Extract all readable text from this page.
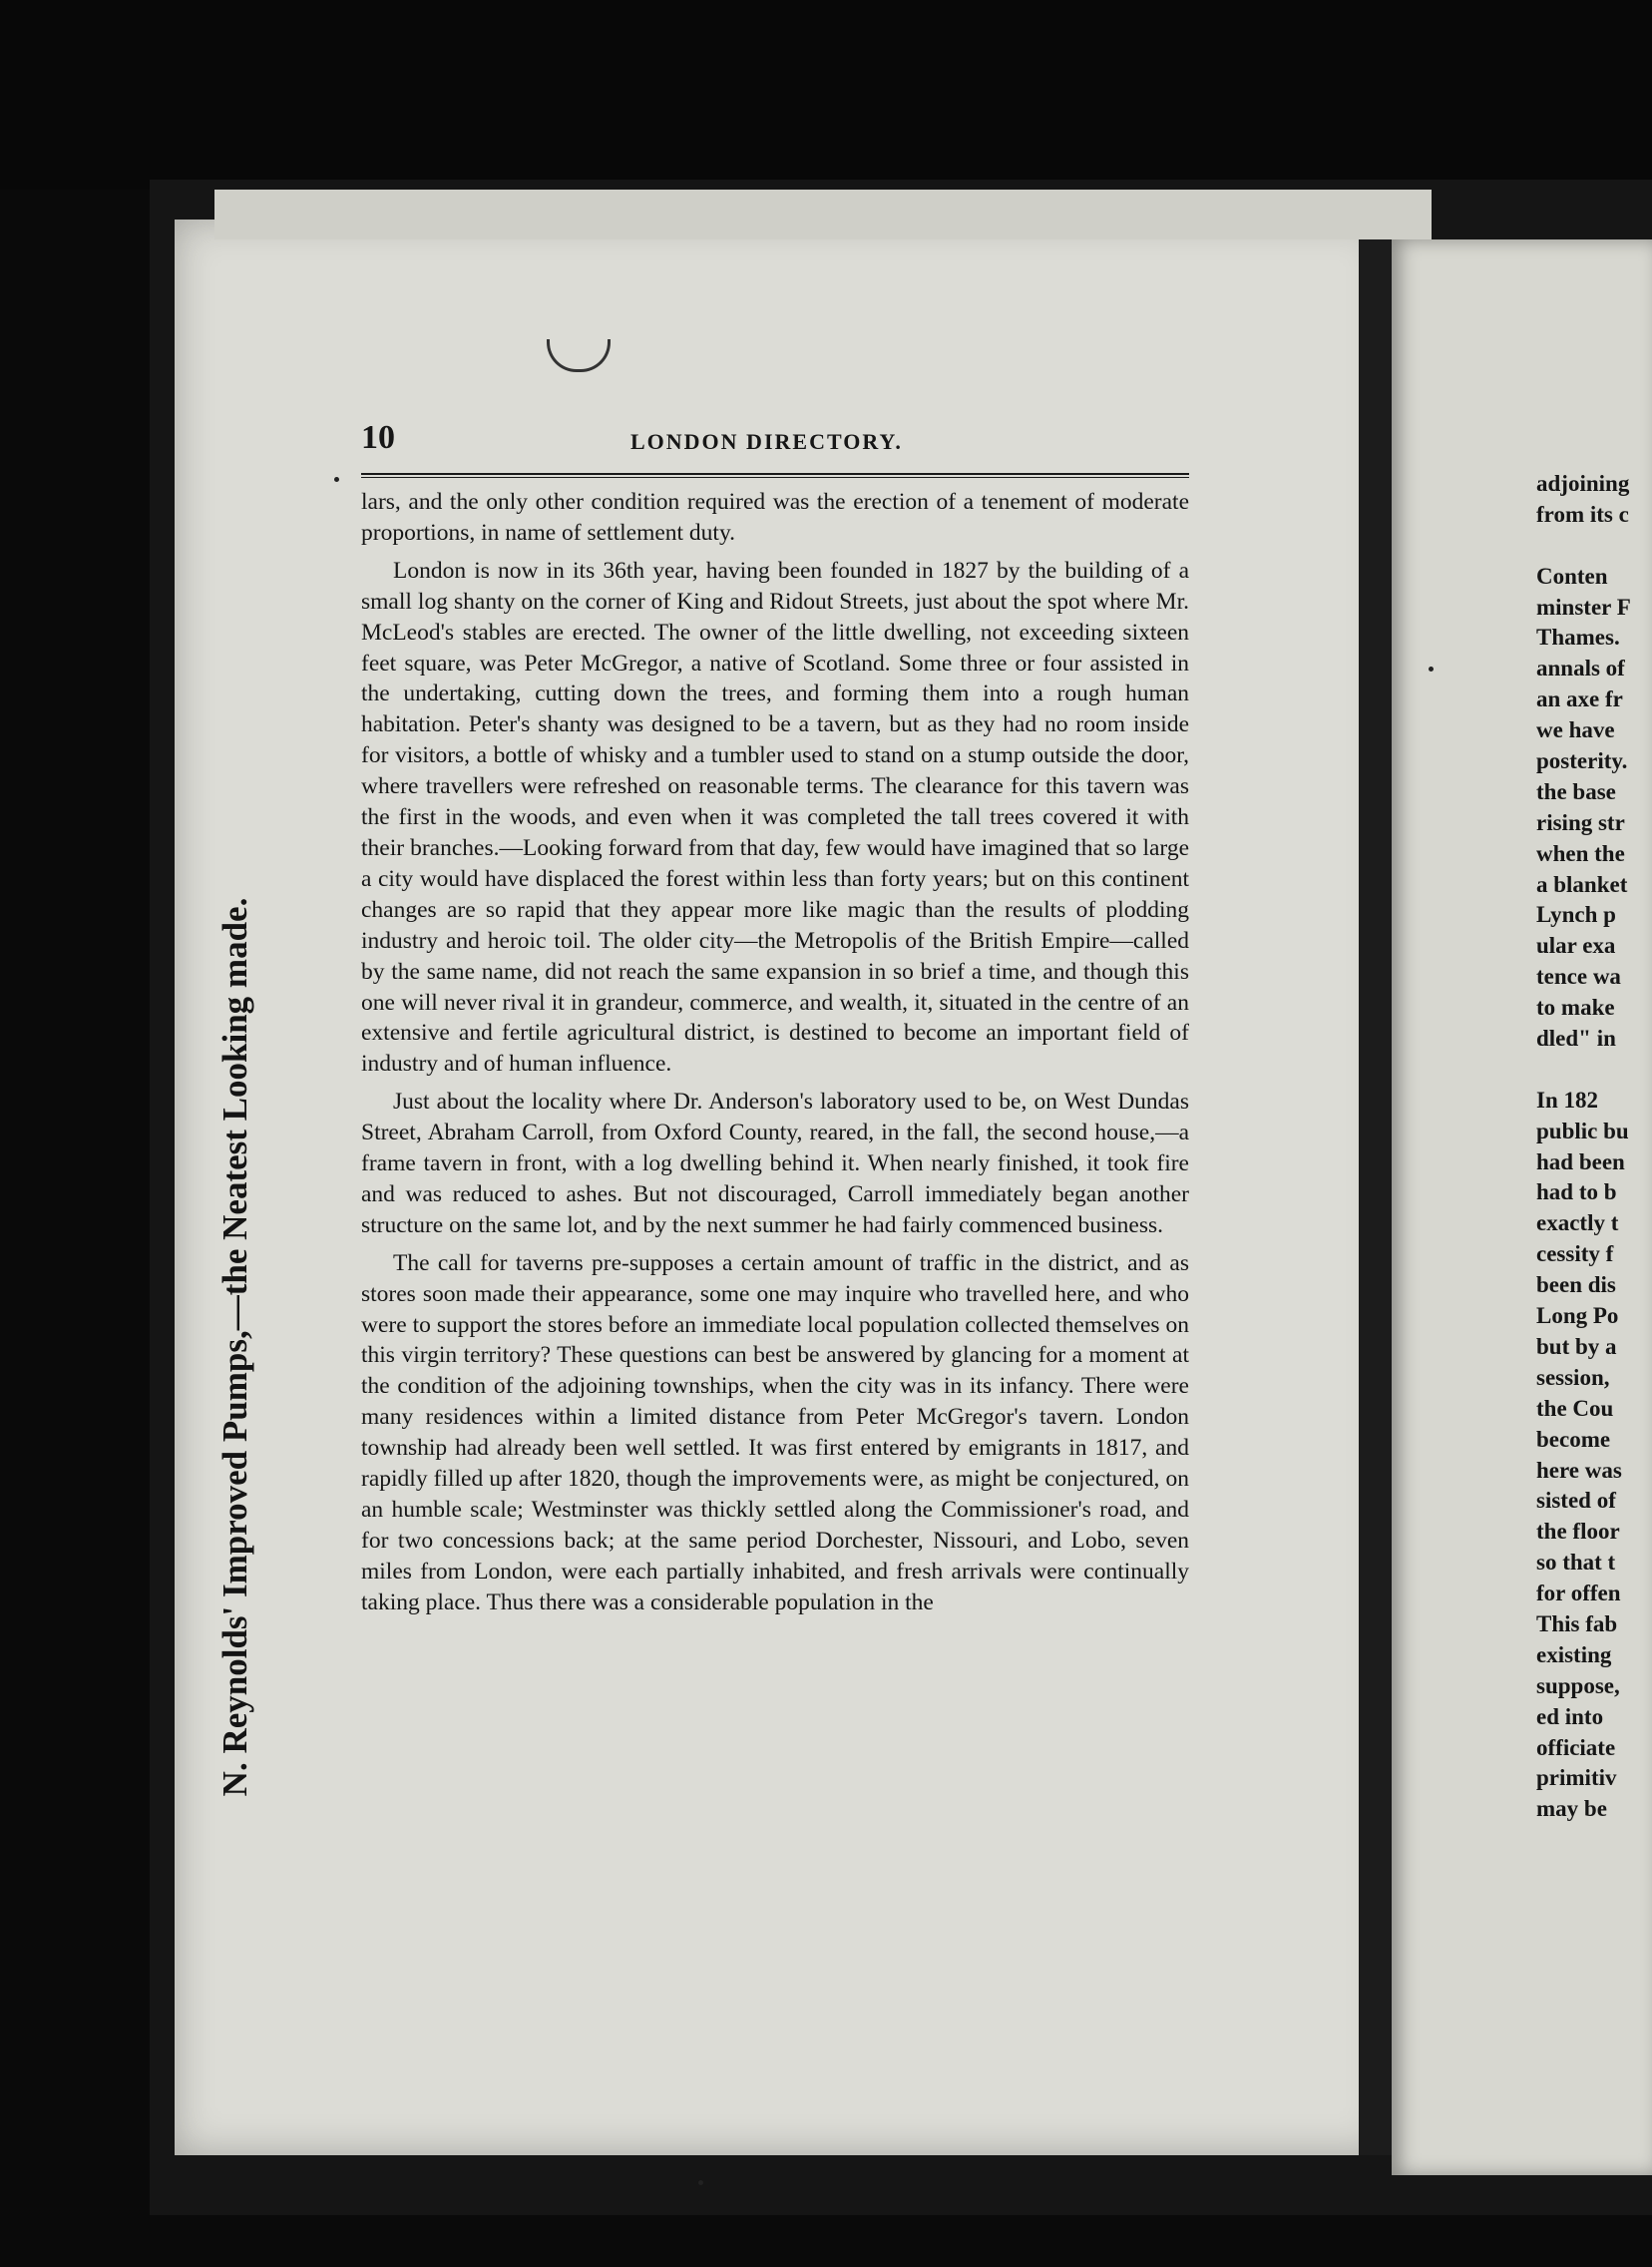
adjoining
from its c
Conten
minster F
Thames.
annals of
an axe fr
we have
posterity.
the base
rising str
when the
a blanket
Lynch p
ular exa
tence wa
to make
dled" in
In 182
public bu
had been
had to b
exactly t
cessity f
been dis
Long Po
but by a
session,
the Cou
become
here was
sisted of
the floor
so that t
for offen
This fab
existing
suppose,
ed into
officiate
primitiv
may be
10	LONDON DIRECTORY.
N. Reynolds' Improved Pumps,—the Neatest Looking made.

lars, and the only other condition required was the erection of a tenement of moderate proportions, in name of settlement duty.

London is now in its 36th year, having been founded in 1827 by the building of a small log shanty on the corner of King and Ridout Streets, just about the spot where Mr. McLeod's stables are erected. The owner of the little dwelling, not exceeding sixteen feet square, was Peter McGregor, a native of Scotland. Some three or four assisted in the undertaking, cutting down the trees, and forming them into a rough human habitation. Peter's shanty was designed to be a tavern, but as they had no room inside for visitors, a bottle of whisky and a tumbler used to stand on a stump outside the door, where travellers were refreshed on reasonable terms. The clearance for this tavern was the first in the woods, and even when it was completed the tall trees covered it with their branches.—Looking forward from that day, few would have imagined that so large a city would have displaced the forest within less than forty years; but on this continent changes are so rapid that they appear more like magic than the results of plodding industry and heroic toil. The older city—the Metropolis of the British Empire—called by the same name, did not reach the same expansion in so brief a time, and though this one will never rival it in grandeur, commerce, and wealth, it, situated in the centre of an extensive and fertile agricultural district, is destined to become an important field of industry and of human influence.

Just about the locality where Dr. Anderson's laboratory used to be, on West Dundas Street, Abraham Carroll, from Oxford County, reared, in the fall, the second house,—a frame tavern in front, with a log dwelling behind it. When nearly finished, it took fire and was reduced to ashes. But not discouraged, Carroll immediately began another structure on the same lot, and by the next summer he had fairly commenced business.

The call for taverns pre-supposes a certain amount of traffic in the district, and as stores soon made their appearance, some one may inquire who travelled here, and who were to support the stores before an immediate local population collected themselves on this virgin territory? These questions can best be answered by glancing for a moment at the condition of the adjoining townships, when the city was in its infancy. There were many residences within a limited distance from Peter McGregor's tavern. London township had already been well settled. It was first entered by emigrants in 1817, and rapidly filled up after 1820, though the improvements were, as might be conjectured, on an humble scale; Westminster was thickly settled along the Commissioner's road, and for two concessions back; at the same period Dorchester, Nissouri, and Lobo, seven miles from London, were each partially inhabited, and fresh arrivals were continually taking place. Thus there was a considerable population in the
